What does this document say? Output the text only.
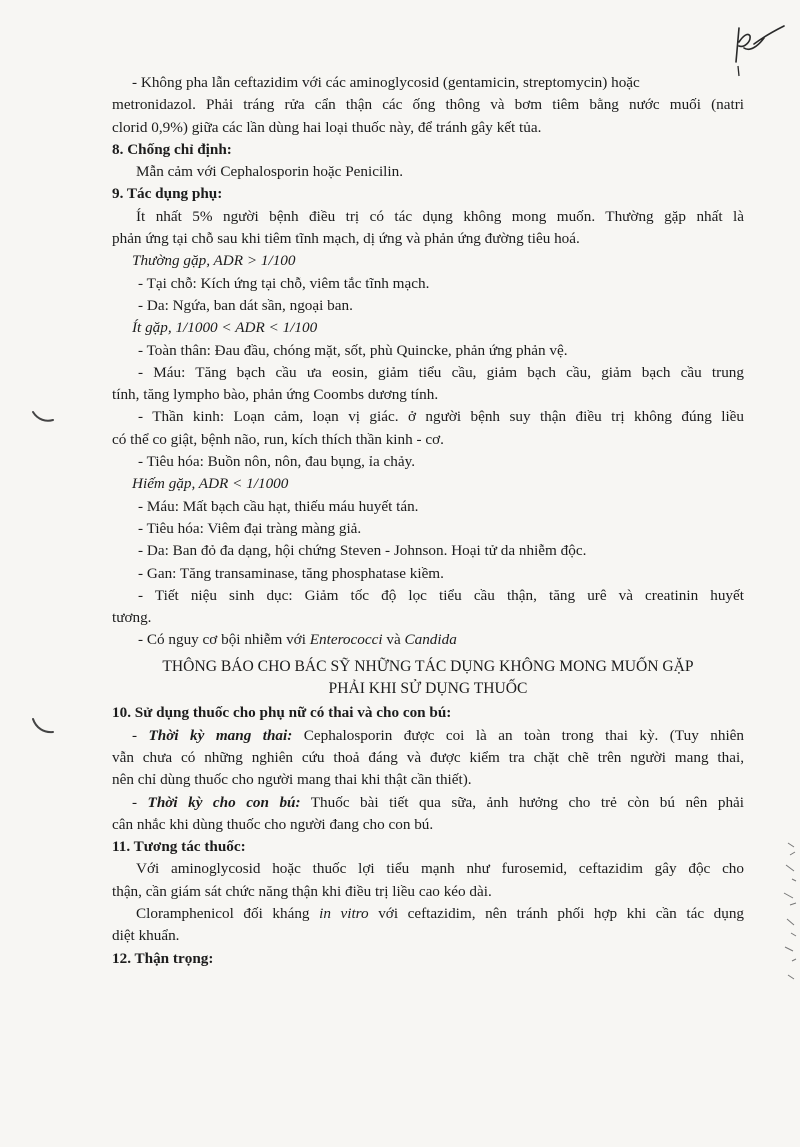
- Không pha lẫn ceftazidim với các aminoglycosid (gentamicin, streptomycin) hoặc
metronidazol. Phải tráng rửa cẩn thận các ống thông và bơm tiêm bằng nước muối (natri
clorid 0,9%) giữa các lần dùng hai loại thuốc này, để tránh gây kết tủa.
8. Chống chỉ định:
Mẫn cảm với Cephalosporin hoặc Penicilin.
9. Tác dụng phụ:
Ít nhất 5% người bệnh điều trị có tác dụng không mong muốn. Thường gặp nhất là
phản ứng tại chỗ sau khi tiêm tĩnh mạch, dị ứng và phản ứng đường tiêu hoá.
Thường gặp, ADR > 1/100
- Tại chỗ: Kích ứng tại chỗ, viêm tắc tĩnh mạch.
- Da: Ngứa, ban dát sần, ngoại ban.
Ít gặp, 1/1000 < ADR < 1/100
- Toàn thân: Đau đầu, chóng mặt, sốt, phù Quincke, phản ứng phản vệ.
- Máu: Tăng bạch cầu ưa eosin, giảm tiểu cầu, giảm bạch cầu, giảm bạch cầu trung
tính, tăng lympho bào, phản ứng Coombs dương tính.
- Thần kinh: Loạn cảm, loạn vị giác. ở người bệnh suy thận điều trị không đúng liều
có thể co giật, bệnh não, run, kích thích thần kinh - cơ.
- Tiêu hóa: Buồn nôn, nôn, đau bụng, ỉa chảy.
Hiếm gặp, ADR < 1/1000
- Máu: Mất bạch cầu hạt, thiếu máu huyết tán.
- Tiêu hóa: Viêm đại tràng màng giả.
- Da: Ban đỏ đa dạng, hội chứng Steven - Johnson. Hoại tử da nhiễm độc.
- Gan: Tăng transaminase, tăng phosphatase kiềm.
- Tiết niệu sinh dục: Giảm tốc độ lọc tiểu cầu thận, tăng urê và creatinin huyết
tương.
- Có nguy cơ bội nhiễm với Enterococci và Candida
THÔNG BÁO CHO BÁC SỸ NHỮNG TÁC DỤNG KHÔNG MONG MUỐN GẶP
PHẢI KHI SỬ DỤNG THUỐC
10. Sử dụng thuốc cho phụ nữ có thai và cho con bú:
- Thời kỳ mang thai: Cephalosporin được coi là an toàn trong thai kỳ. (Tuy nhiên
vẫn chưa có những nghiên cứu thoả đáng và được kiểm tra chặt chẽ trên người mang thai,
nên chỉ dùng thuốc cho người mang thai khi thật cần thiết).
- Thời kỳ cho con bú: Thuốc bài tiết qua sữa, ảnh hưởng cho trẻ còn bú nên phải
cân nhắc khi dùng thuốc cho người đang cho con bú.
11. Tương tác thuốc:
Với aminoglycosid hoặc thuốc lợi tiểu mạnh như furosemid, ceftazidim gây độc cho
thận, cần giám sát chức năng thận khi điều trị liều cao kéo dài.
Cloramphenicol đối kháng in vitro với ceftazidim, nên tránh phối hợp khi cần tác dụng
diệt khuẩn.
12. Thận trọng:
